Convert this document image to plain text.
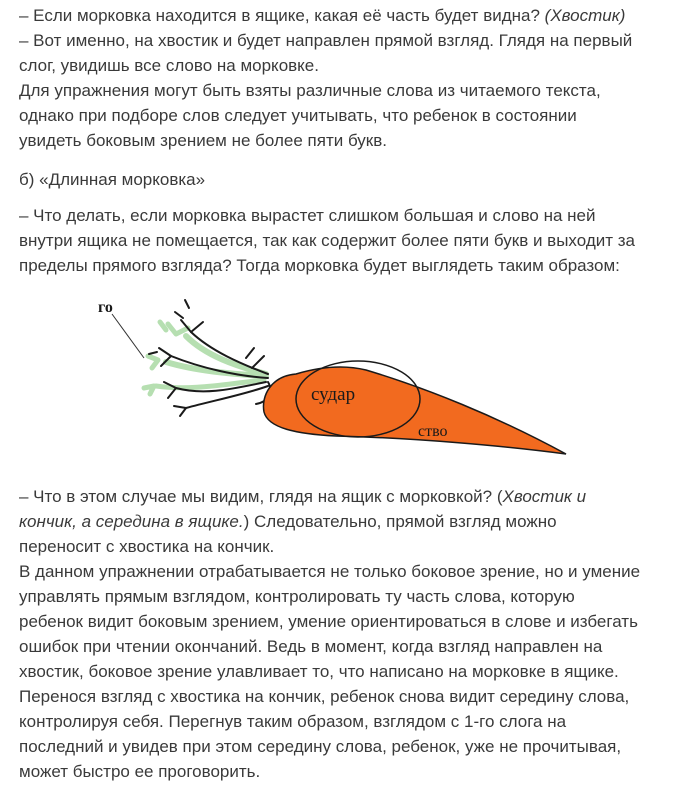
– Если морковка находится в ящике, какая её часть будет видна? (Хвостик)
– Вот именно, на хвостик и будет направлен прямой взгляд. Глядя на первый
слог, увидишь все слово на морковке.
Для упражнения могут быть взяты различные слова из читаемого текста,
однако при подборе слов следует учитывать, что ребенок в состоянии
увидеть боковым зрением не более пяти букв.
б) «Длинная морковка»
– Что делать, если морковка вырастет слишком большая и слово на ней
внутри ящика не помещается, так как содержит более пяти букв и выходит за
пределы прямого взгляда? Тогда морковка будет выглядеть таким образом:
– Что в этом случае мы видим, глядя на ящик с морковкой? (Хвостик и
кончик, а середина в ящике.) Следовательно, прямой взгляд можно
переносит с хвостика на кончик.
В данном упражнении отрабатывается не только боковое зрение, но и умение
управлять прямым взглядом, контролировать ту часть слова, которую
ребенок видит боковым зрением, умение ориентироваться в слове и избегать
ошибок при чтении окончаний. Ведь в момент, когда взгляд направлен на
хвостик, боковое зрение улавливает то, что написано на морковке в ящике.
Перенося взгляд с хвостика на кончик, ребенок снова видит середину слова,
контролируя себя. Перегнув таким образом, взглядом с 1-го слога на
последний и увидев при этом середину слова, ребенок, уже не прочитывая,
может быстро ее проговорить.
го
судар
ство
